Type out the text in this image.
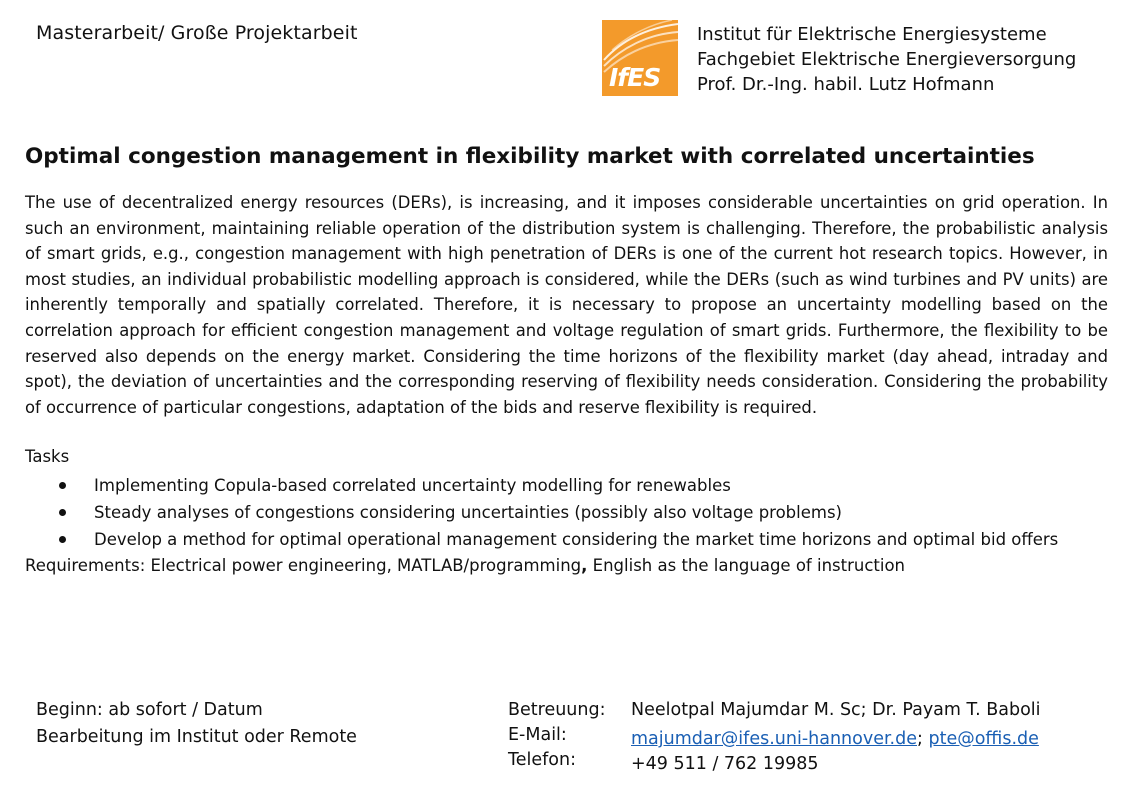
Masterarbeit/ Große Projektarbeit
IfES
Institut für Elektrische Energiesysteme
Fachgebiet Elektrische Energieversorgung
Prof. Dr.-Ing. habil. Lutz Hofmann
Optimal congestion management in flexibility market with correlated uncertainties
The use of decentralized energy resources (DERs), is increasing, and it imposes considerable uncertainties on grid operation. In such an environment, maintaining reliable operation of the distribution system is challenging. Therefore, the probabilistic analysis of smart grids, e.g., congestion management with high penetration of DERs is one of the current hot research topics. However, in most studies, an individual probabilistic modelling approach is considered, while the DERs (such as wind turbines and PV units) are inherently temporally and spatially correlated. Therefore, it is necessary to propose an uncertainty modelling based on the correlation approach for efficient congestion management and voltage regulation of smart grids. Furthermore, the flexibility to be reserved also depends on the energy market. Considering the time horizons of the flexibility market (day ahead, intraday and spot), the deviation of uncertainties and the corresponding reserving of flexibility needs consideration. Considering the probability of occurrence of particular congestions, adaptation of the bids and reserve flexibility is required.
Tasks
Implementing Copula-based correlated uncertainty modelling for renewables
Steady analyses of congestions considering uncertainties (possibly also voltage problems)
Develop a method for optimal operational management considering the market time horizons and optimal bid offers
Requirements: Electrical power engineering, MATLAB/programming, English as the language of instruction
Beginn: ab sofort / Datum
Bearbeitung im Institut oder Remote
Betreuung:
E-Mail:
Telefon:
Neelotpal Majumdar M. Sc; Dr. Payam T. Baboli
majumdar@ifes.uni-hannover.de; pte@offis.de
+49 511 / 762 19985
